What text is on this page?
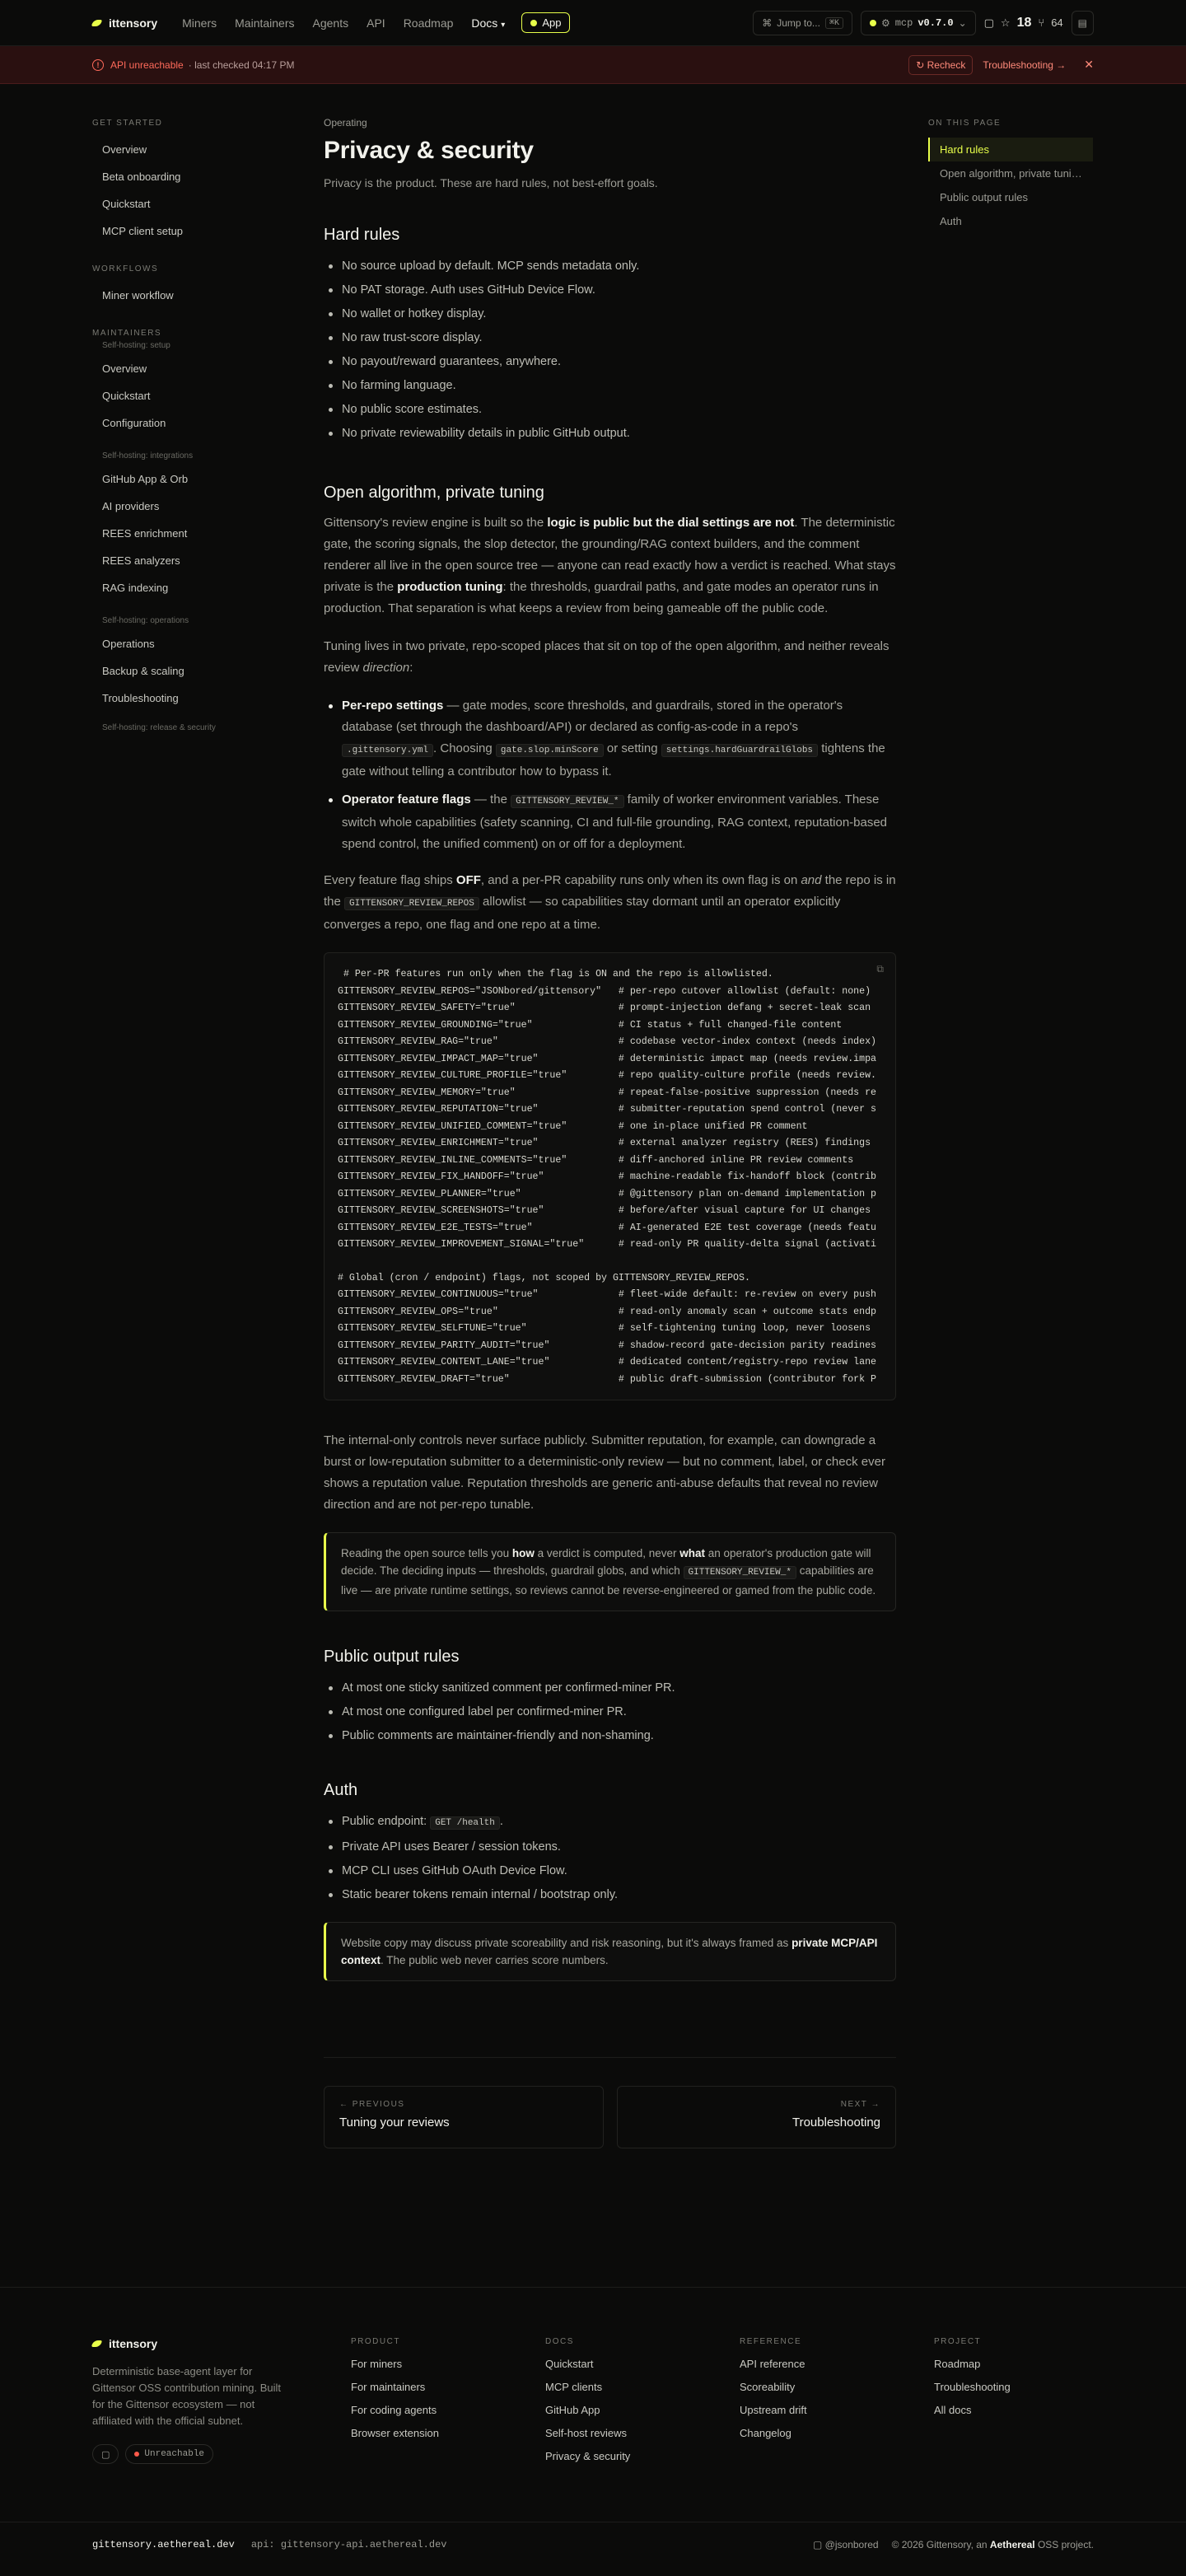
ittensory Miners Maintainers Agents API Roadmap Docs ▾	App	⌘ Jump to...	⌘K	⚙ mcp v0.7.0 ⌄ ▢ ☆ 18 ⑂ 64 ▤
!	API unreachable · last checked 04:17 PM	↻ Recheck	Troubleshooting → ✕
GET STARTED
Overview
Beta onboarding
Quickstart
MCP client setup
WORKFLOWS
Miner workflow
MAINTAINERS
Self-hosting: setup
Overview
Quickstart
Configuration
Self-hosting: integrations
GitHub App & Orb
AI providers
REES enrichment
REES analyzers
RAG indexing
Self-hosting: operations
Operations
Backup & scaling
Troubleshooting
Self-hosting: release & security
Operating
Privacy & security

Privacy is the product. These are hard rules, not best-effort goals.

Hard rules
No source upload by default. MCP sends metadata only.
No PAT storage. Auth uses GitHub Device Flow.
No wallet or hotkey display.
No raw trust-score display.
No payout/reward guarantees, anywhere.
No farming language.
No public score estimates.
No private reviewability details in public GitHub output.
Open algorithm, private tuning

Gittensory's review engine is built so the logic is public but the dial settings are not. The deterministic gate, the scoring signals, the slop detector, the grounding/RAG context builders, and the comment renderer all live in the open source tree — anyone can read exactly how a verdict is reached. What stays private is the production tuning: the thresholds, guardrail paths, and gate modes an operator runs in production. That separation is what keeps a review from being gameable off the public code.

Tuning lives in two private, repo-scoped places that sit on top of the open algorithm, and neither reveals review direction:

Per-repo settings — gate modes, score thresholds, and guardrails, stored in the operator's database (set through the dashboard/API) or declared as config-as-code in a repo's .gittensory.yml . Choosing gate.slop.minScore or setting settings.hardGuardrailGlobs tightens the gate without telling a contributor how to bypass it.
Operator feature flags — the GITTENSORY_REVIEW_* family of worker environment variables. These switch whole capabilities (safety scanning, CI and full-file grounding, RAG context, reputation-based spend control, the unified comment) on or off for a deployment.

Every feature flag ships OFF, and a per-PR capability runs only when its own flag is on and the repo is in the GITTENSORY_REVIEW_REPOS allowlist — so capabilities stay dormant until an operator explicitly converges a repo, one flag and one repo at a time.

⧉
# Per-PR features run only when the flag is ON and the repo is allowlisted.
GITTENSORY_REVIEW_REPOS="JSONbored/gittensory"   # per-repo cutover allowlist (default: none)
GITTENSORY_REVIEW_SAFETY="true"                  # prompt-injection defang + secret-leak scan
GITTENSORY_REVIEW_GROUNDING="true"               # CI status + full changed-file content
GITTENSORY_REVIEW_RAG="true"                     # codebase vector-index context (needs index)
GITTENSORY_REVIEW_IMPACT_MAP="true"              # deterministic impact map (needs review.impa
GITTENSORY_REVIEW_CULTURE_PROFILE="true"         # repo quality-culture profile (needs review.
GITTENSORY_REVIEW_MEMORY="true"                  # repeat-false-positive suppression (needs re
GITTENSORY_REVIEW_REPUTATION="true"              # submitter-reputation spend control (never s
GITTENSORY_REVIEW_UNIFIED_COMMENT="true"         # one in-place unified PR comment
GITTENSORY_REVIEW_ENRICHMENT="true"              # external analyzer registry (REES) findings
GITTENSORY_REVIEW_INLINE_COMMENTS="true"         # diff-anchored inline PR review comments
GITTENSORY_REVIEW_FIX_HANDOFF="true"             # machine-readable fix-handoff block (contrib
GITTENSORY_REVIEW_PLANNER="true"                 # @gittensory plan on-demand implementation p
GITTENSORY_REVIEW_SCREENSHOTS="true"             # before/after visual capture for UI changes
GITTENSORY_REVIEW_E2E_TESTS="true"               # AI-generated E2E test coverage (needs featu
GITTENSORY_REVIEW_IMPROVEMENT_SIGNAL="true"      # read-only PR quality-delta signal (activati
# Global (cron / endpoint) flags, not scoped by GITTENSORY_REVIEW_REPOS.
GITTENSORY_REVIEW_CONTINUOUS="true"              # fleet-wide default: re-review on every push
GITTENSORY_REVIEW_OPS="true"                     # read-only anomaly scan + outcome stats endp
GITTENSORY_REVIEW_SELFTUNE="true"                # self-tightening tuning loop, never loosens
GITTENSORY_REVIEW_PARITY_AUDIT="true"            # shadow-record gate-decision parity readines
GITTENSORY_REVIEW_CONTENT_LANE="true"            # dedicated content/registry-repo review lane
GITTENSORY_REVIEW_DRAFT="true"                   # public draft-submission (contributor fork P

The internal-only controls never surface publicly. Submitter reputation, for example, can downgrade a burst or low-reputation submitter to a deterministic-only review — but no comment, label, or check ever shows a reputation value. Reputation thresholds are generic anti-abuse defaults that reveal no review direction and are not per-repo tunable.

Reading the open source tells you how a verdict is computed, never what an operator's production gate will decide. The deciding inputs — thresholds, guardrail globs, and which GITTENSORY_REVIEW_* capabilities are live — are private runtime settings, so reviews cannot be reverse-engineered or gamed from the public code.
Public output rules
At most one sticky sanitized comment per confirmed-miner PR.
At most one configured label per confirmed-miner PR.
Public comments are maintainer-friendly and non-shaming.
Auth
Public endpoint: GET /health .
Private API uses Bearer / session tokens.
MCP CLI uses GitHub OAuth Device Flow.
Static bearer tokens remain internal / bootstrap only.
Website copy may discuss private scoreability and risk reasoning, but it's always framed as private MCP/API context. The public web never carries score numbers.
← PREVIOUS
Tuning your reviews
NEXT →
Troubleshooting
ON THIS PAGE
Hard rules
Open algorithm, private tuning
Public output rules
Auth
ittensory

Deterministic base-agent layer for Gittensor OSS contribution mining. Built for the Gittensor ecosystem — not affiliated with the official subnet.

▢	Unreachable
PRODUCT
For miners
For maintainers
For coding agents
Browser extension
DOCS
Quickstart
MCP clients
GitHub App
Self-host reviews
Privacy & security
REFERENCE
API reference
Scoreability
Upstream drift
Changelog
PROJECT
Roadmap
Troubleshooting
All docs
gittensory.aethereal.dev api: gittensory-api.aethereal.dev	▢ @jsonbored © 2026 Gittensory, an Aethereal OSS project.
